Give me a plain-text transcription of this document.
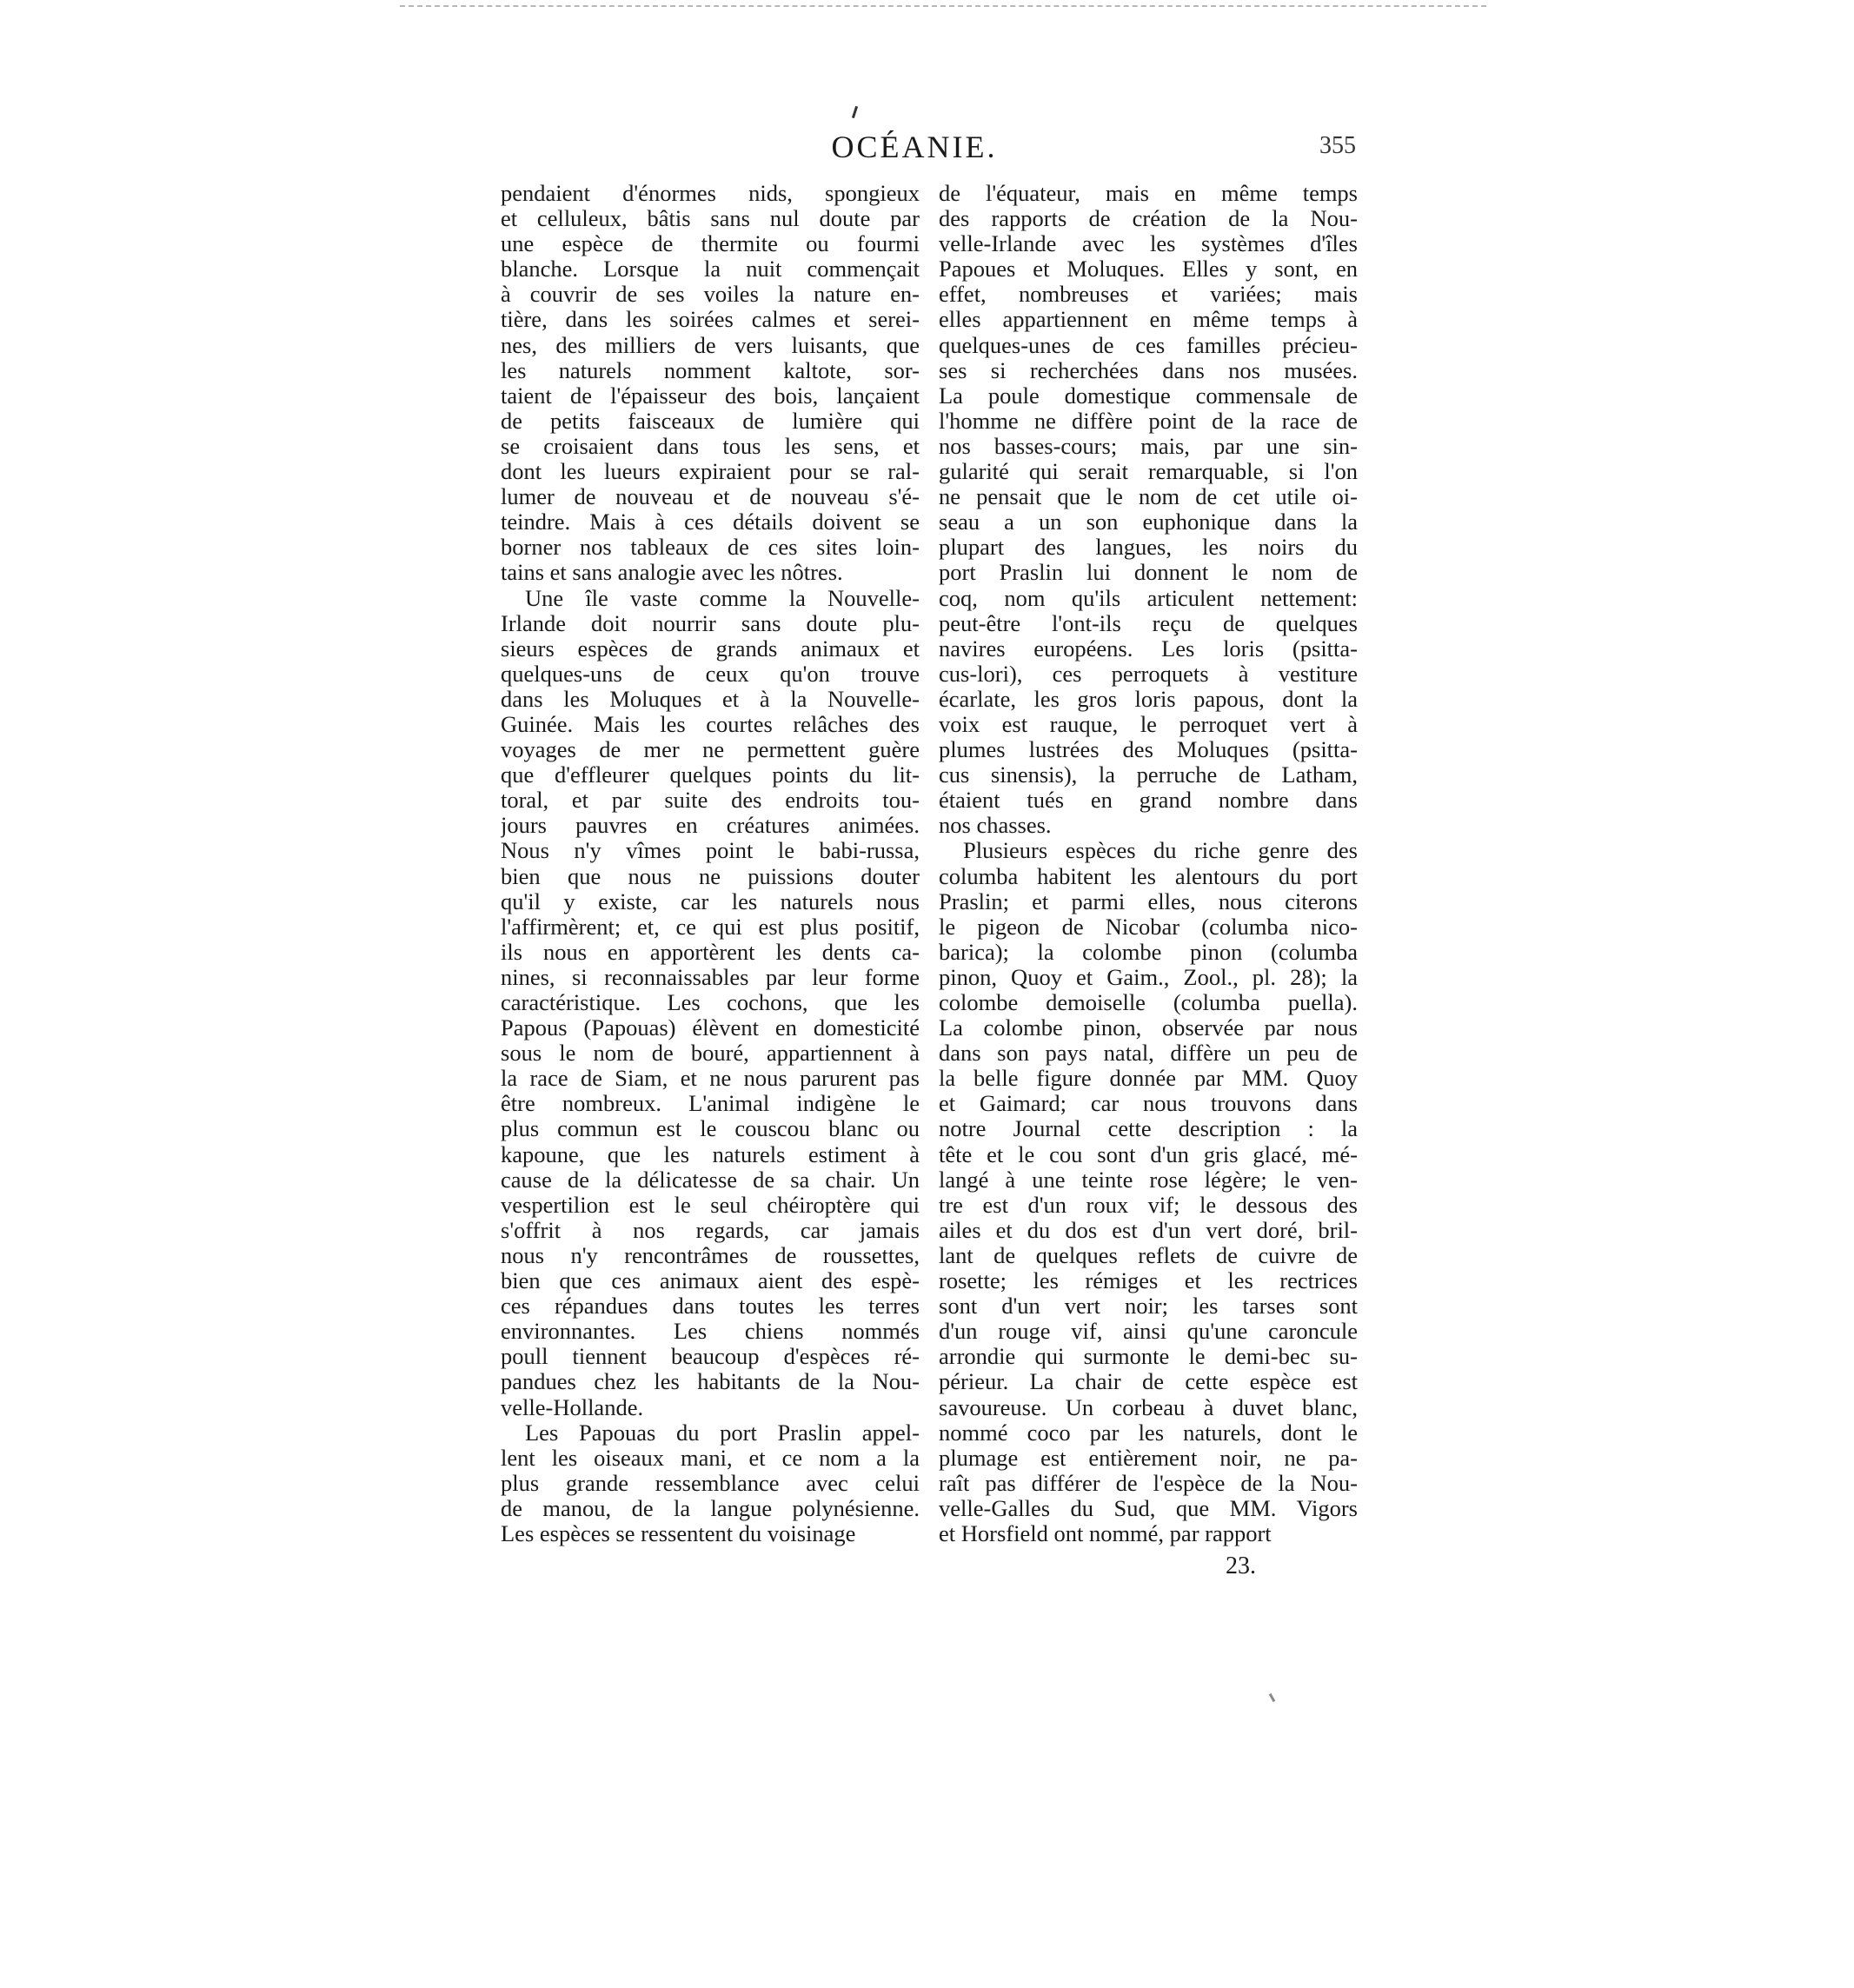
OCÉANIE.	355
pendaient d'énormes nids, spongieux
et celluleux, bâtis sans nul doute par
une espèce de thermite ou fourmi
blanche. Lorsque la nuit commençait
à couvrir de ses voiles la nature en-
tière, dans les soirées calmes et serei-
nes, des milliers de vers luisants, que
les naturels nomment kaltote, sor-
taient de l'épaisseur des bois, lançaient
de petits faisceaux de lumière qui
se croisaient dans tous les sens, et
dont les lueurs expiraient pour se ral-
lumer de nouveau et de nouveau s'é-
teindre. Mais à ces détails doivent se
borner nos tableaux de ces sites loin-
tains et sans analogie avec les nôtres.
Une île vaste comme la Nouvelle-
Irlande doit nourrir sans doute plu-
sieurs espèces de grands animaux et
quelques-uns de ceux qu'on trouve
dans les Moluques et à la Nouvelle-
Guinée. Mais les courtes relâches des
voyages de mer ne permettent guère
que d'effleurer quelques points du lit-
toral, et par suite des endroits tou-
jours pauvres en créatures animées.
Nous n'y vîmes point le babi-russa,
bien que nous ne puissions douter
qu'il y existe, car les naturels nous
l'affirmèrent; et, ce qui est plus positif,
ils nous en apportèrent les dents ca-
nines, si reconnaissables par leur forme
caractéristique. Les cochons, que les
Papous (Papouas) élèvent en domesticité
sous le nom de bouré, appartiennent à
la race de Siam, et ne nous parurent pas
être nombreux. L'animal indigène le
plus commun est le couscou blanc ou
kapoune, que les naturels estiment à
cause de la délicatesse de sa chair. Un
vespertilion est le seul chéiroptère qui
s'offrit à nos regards, car jamais
nous n'y rencontrâmes de roussettes,
bien que ces animaux aient des espè-
ces répandues dans toutes les terres
environnantes. Les chiens nommés
poull tiennent beaucoup d'espèces ré-
pandues chez les habitants de la Nou-
velle-Hollande.
Les Papouas du port Praslin appel-
lent les oiseaux mani, et ce nom a la
plus grande ressemblance avec celui
de manou, de la langue polynésienne.
Les espèces se ressentent du voisinage
de l'équateur, mais en même temps
des rapports de création de la Nou-
velle-Irlande avec les systèmes d'îles
Papoues et Moluques. Elles y sont, en
effet, nombreuses et variées; mais
elles appartiennent en même temps à
quelques-unes de ces familles précieu-
ses si recherchées dans nos musées.
La poule domestique commensale de
l'homme ne diffère point de la race de
nos basses-cours; mais, par une sin-
gularité qui serait remarquable, si l'on
ne pensait que le nom de cet utile oi-
seau a un son euphonique dans la
plupart des langues, les noirs du
port Praslin lui donnent le nom de
coq, nom qu'ils articulent nettement:
peut-être l'ont-ils reçu de quelques
navires européens. Les loris (psitta-
cus-lori), ces perroquets à vestiture
écarlate, les gros loris papous, dont la
voix est rauque, le perroquet vert à
plumes lustrées des Moluques (psitta-
cus sinensis), la perruche de Latham,
étaient tués en grand nombre dans
nos chasses.
Plusieurs espèces du riche genre des
columba habitent les alentours du port
Praslin; et parmi elles, nous citerons
le pigeon de Nicobar (columba nico-
barica); la colombe pinon (columba
pinon, Quoy et Gaim., Zool., pl. 28); la
colombe demoiselle (columba puella).
La colombe pinon, observée par nous
dans son pays natal, diffère un peu de
la belle figure donnée par MM. Quoy
et Gaimard; car nous trouvons dans
notre Journal cette description : la
tête et le cou sont d'un gris glacé, mé-
langé à une teinte rose légère; le ven-
tre est d'un roux vif; le dessous des
ailes et du dos est d'un vert doré, bril-
lant de quelques reflets de cuivre de
rosette; les rémiges et les rectrices
sont d'un vert noir; les tarses sont
d'un rouge vif, ainsi qu'une caroncule
arrondie qui surmonte le demi-bec su-
périeur. La chair de cette espèce est
savoureuse. Un corbeau à duvet blanc,
nommé coco par les naturels, dont le
plumage est entièrement noir, ne pa-
raît pas différer de l'espèce de la Nou-
velle-Galles du Sud, que MM. Vigors
et Horsfield ont nommé, par rapport
23.
